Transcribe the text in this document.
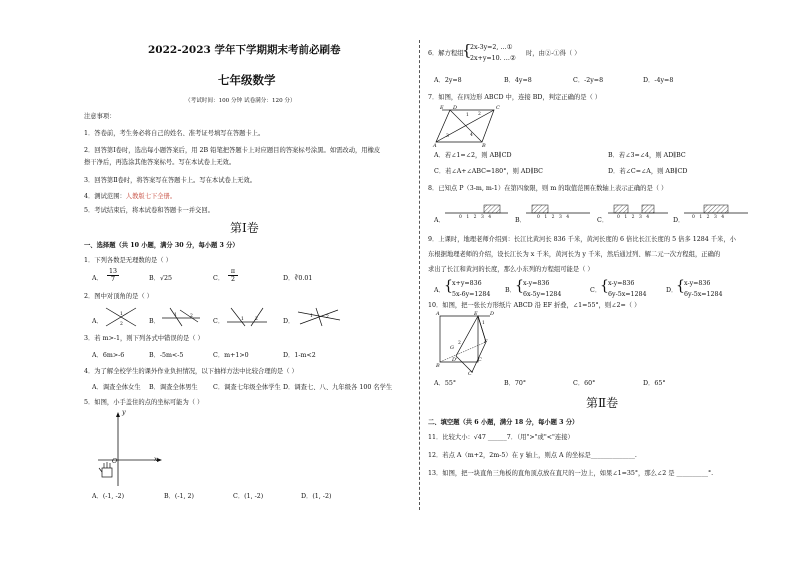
2022-2023 学年下学期期末考前必刷卷
七年级数学
（考试时间：100 分钟 试卷满分：120 分）
注意事项：
1．答卷前，考生务必将自己的姓名、准考证号填写在答题卡上。
2．回答第Ⅰ卷时，选出每小题答案后，用 2B 铅笔把答题卡上对应题目的答案标号涂黑。如需改动，用橡皮
擦干净后，再选涂其他答案标号。写在本试卷上无效。
3．回答第Ⅱ卷时，将答案写在答题卡上。写在本试卷上无效。
4．测试范围：人教版七下全册。
5．考试结束后，将本试卷和答题卡一并交回。
第Ⅰ卷
一、选择题（共 10 小题，满分 30 分，每小题 3 分）
1．下列各数是无理数的是（ ）
A． $\frac{13}{7}$	B．√25	C． $\frac{\pi}{2}$	D．∛0.01
2．图中对顶角的是（ ）
A．
1
2	B．
1	2
C．	1 2	D．
1	2
3．若 m>-1，则下列各式中错误的是（ ）
A．6m>-6	B．-5m<-5	C．m+1>0	D．1-m<2
4．为了解全校学生的课外作业负担情况，以下抽样方法中比较合理的是（ ）
A．调查全体女生 B．调查全体男生 C．调查七年级全体学生 D．调查七、八、九年级各 100 名学生
5．如图，小手盖住的点的坐标可能为（ ）
y
O	x
A．(-1, -2)	B．(-1, 2)	C．(1, -2)	D．(1, -2)
6．解方程组
{
2x-3y=2, …①
2x+y=10. …②
时，由②-①得（ ）
A．2y=8	B．4y=8	C．-2y=8	D．-4y=8
7．如图，在四边形 ABCD 中，连接 BD，判定正确的是（ ）
D
E	C
A	B
1 2
3	4
A．若∠1=∠2，则 AB∥CD	B．若∠3=∠4，则 AD∥BC
C．若∠A+∠ABC=180°，则 AD∥BC	D．若∠C=∠A，则 AB∥CD
8．已知点 P（3-m, m-1）在第四象限，则 m 的取值范围在数轴上表示正确的是（ ）
A．	B．	C．	D．
0 1 2 3 4	0 1 2 3 4	0 1 2 3 4	0 1 2 3 4
9．上课时，地理老师介绍到：长江比黄河长 836 千米，黄河长度的 6 倍比长江长度的 5 倍多 1284 千米，小
东根据地理老师的介绍，设长江长为 x 千米，黄河长为 y 千米，然后通过列、解二元一次方程组，正确的
求出了长江和黄河的长度，那么小东列的方程组可能是（ ）
A． { x+y=836
5x-6y=1284
B． { x-y=836
6x-5y=1284
C．
{ x-y=836
6y-5x=1284
D．
{ x-y=836
6y-5x=1284
10．如图，把一张长方形纸片 ABCD 沿 EF 折叠，∠1=55°，则∠2=（ ）
A	E D
B
F
C
1
2
G
C'
D'
A．55°	B．70°	C．60°	D．65°
第Ⅱ卷
二、填空题（共 6 小题，满分 18 分，每小题 3 分）
11．比较大小：√47 ______7．（用">"或"<"连接）
12．若点 A（m+2，2m-5）在 y 轴上，则点 A 的坐标是______________.
13．如图，把一块直角三角板的直角顶点放在直尺的一边上，如果∠1=35°，那么∠2 是 __________°.
